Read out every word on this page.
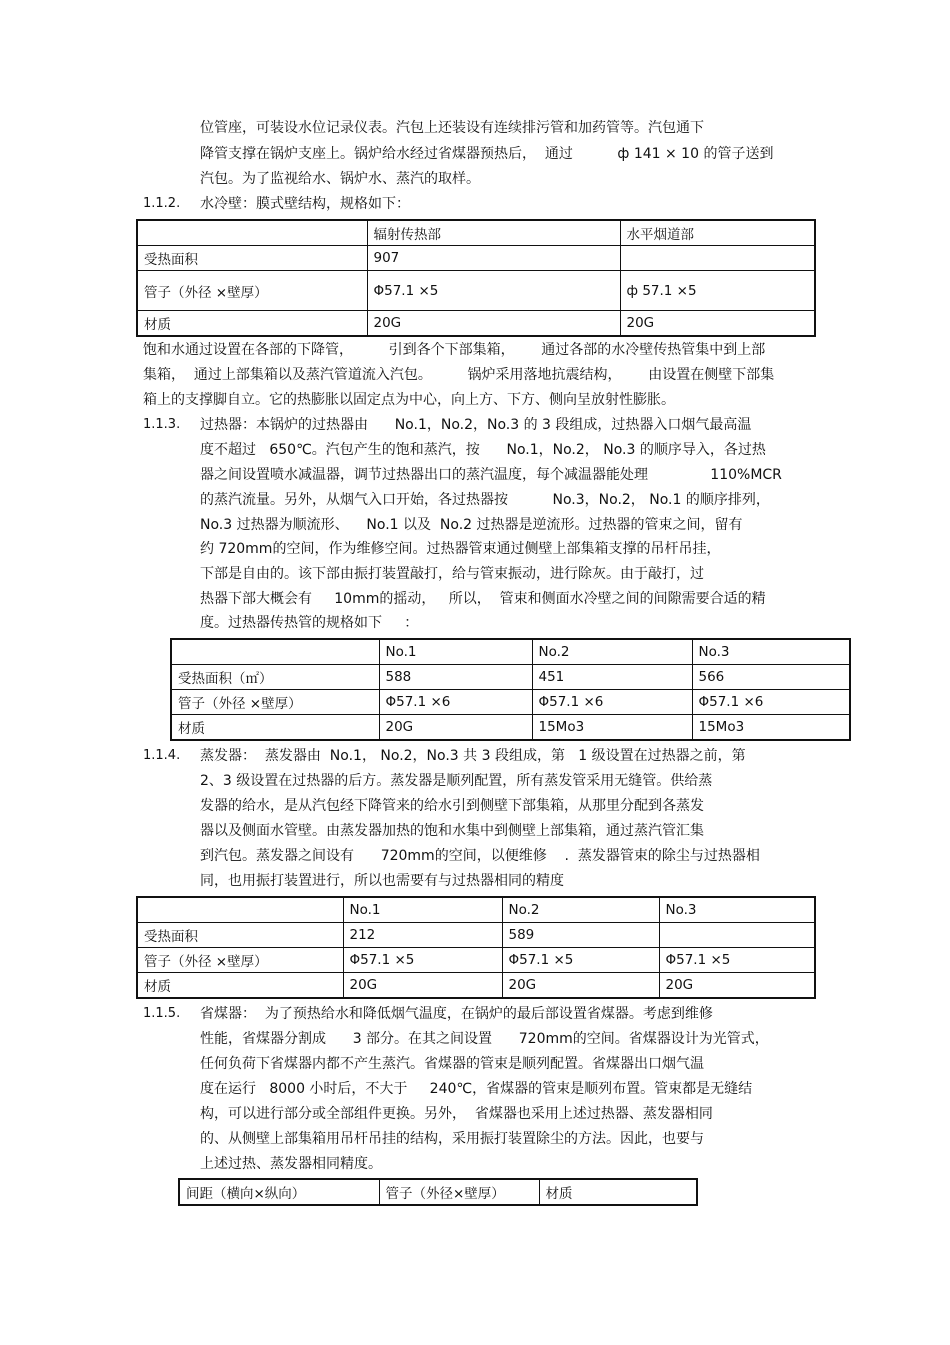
位管座，可装设水位记录仪表。汽包上还装设有连续排污管和加药管等。汽包通下
降管支撑在锅炉支座上。锅炉给水经过省煤器预热后，  通过          ф 141 × 10 的管子送到
汽包。为了监视给水、锅炉水、蒸汽的取样。
1.1.2. 水冷壁：膜式壁结构，规格如下：
	辐射传热部	水平烟道部
受热面积	907	
管子（外径 ×壁厚）	Φ57.1 ×5	ф 57.1 ×5
材质	20G	20G
饱和水通过设置在各部的下降管，        引到各个下部集箱，      通过各部的水冷壁传热管集中到上部
集箱，  通过上部集箱以及蒸汽管道流入汽包。        锅炉采用落地抗震结构，      由设置在侧壁下部集
箱上的支撑脚自立。它的热膨胀以固定点为中心，向上方、下方、侧向呈放射性膨胀。
1.1.3. 过热器：本锅炉的过热器由      No.1，No.2，No.3 的 3 段组成，过热器入口烟气最高温
度不超过   650℃。汽包产生的饱和蒸汽，按      No.1，No.2， No.3 的顺序导入，各过热
器之间设置喷水减温器，调节过热器出口的蒸汽温度，每个减温器能处理              110%MCR
的蒸汽流量。另外，从烟气入口开始，各过热器按          No.3，No.2， No.1 的顺序排列，
No.3 过热器为顺流形、    No.1 以及  No.2 过热器是逆流形。过热器的管束之间，留有
约 720mm的空间，作为维修空间。过热器管束通过侧壁上部集箱支撑的吊杆吊挂，
下部是自由的。该下部由振打装置敲打，给与管束振动，进行除灰。由于敲打，过
热器下部大概会有     10mm的摇动，   所以，  管束和侧面水冷壁之间的间隙需要合适的精
度。过热器传热管的规格如下     ：
	No.1	No.2	No.3
受热面积（㎡）	588	451	566
管子（外径 ×壁厚）	Φ57.1 ×6	Φ57.1 ×6	Φ57.1 ×6
材质	20G	15Mo3	15Mo3
1.1.4. 蒸发器：  蒸发器由  No.1， No.2，No.3 共 3 段组成，第   1 级设置在过热器之前，第
2、3 级设置在过热器的后方。蒸发器是顺列配置，所有蒸发管采用无缝管。供给蒸
发器的给水，是从汽包经下降管来的给水引到侧壁下部集箱，从那里分配到各蒸发
器以及侧面水管壁。由蒸发器加热的饱和水集中到侧壁上部集箱，通过蒸汽管汇集
到汽包。蒸发器之间设有      720mm的空间，以便维修    .  蒸发器管束的除尘与过热器相
同，也用振打装置进行，所以也需要有与过热器相同的精度
	No.1	No.2	No.3
受热面积	212	589	
管子（外径 ×壁厚）	Φ57.1 ×5	Φ57.1 ×5	Φ57.1 ×5
材质	20G	20G	20G
1.1.5. 省煤器：  为了预热给水和降低烟气温度，在锅炉的最后部设置省煤器。考虑到维修
性能，省煤器分割成      3 部分。在其之间设置      720mm的空间。省煤器设计为光管式，
任何负荷下省煤器内都不产生蒸汽。省煤器的管束是顺列配置。省煤器出口烟气温
度在运行   8000 小时后，不大于     240℃，省煤器的管束是顺列布置。管束都是无缝结
构，可以进行部分或全部组件更换。另外，  省煤器也采用上述过热器、蒸发器相同
的、从侧壁上部集箱用吊杆吊挂的结构，采用振打装置除尘的方法。因此，也要与
上述过热、蒸发器相同精度。
间距（横向×纵向）	管子（外径×壁厚）	材质
